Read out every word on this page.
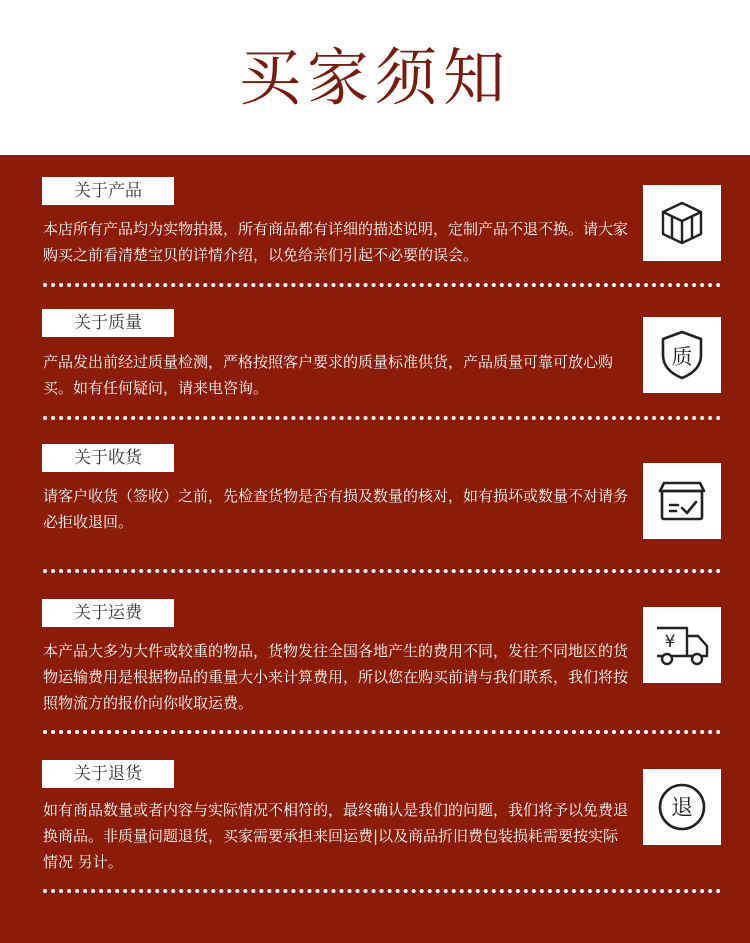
买家须知
关于产品
本店所有产品均为实物拍摄，所有商品都有详细的描述说明，定制产品不退不换。请大家购买之前看清楚宝贝的详情介绍，以免给亲们引起不必要的误会。
关于质量
产品发出前经过质量检测，严格按照客户要求的质量标准供货，产品质量可靠可放心购买。如有任何疑问，请来电咨询。
质
关于收货
请客户收货（签收）之前，先检查货物是否有损及数量的核对，如有损坏或数量不对请务必拒收退回。
关于运费
本产品大多为大件或较重的物品，货物发往全国各地产生的费用不同，发往不同地区的货物运输费用是根据物品的重量大小来计算费用，所以您在购买前请与我们联系，我们将按照物流方的报价向你收取运费。
¥
关于退货
如有商品数量或者内容与实际情况不相符的，最终确认是我们的问题，我们将予以免费退换商品。非质量问题退货，买家需要承担来回运费|以及商品折旧费包装损耗需要按实际情况 另计。
退
